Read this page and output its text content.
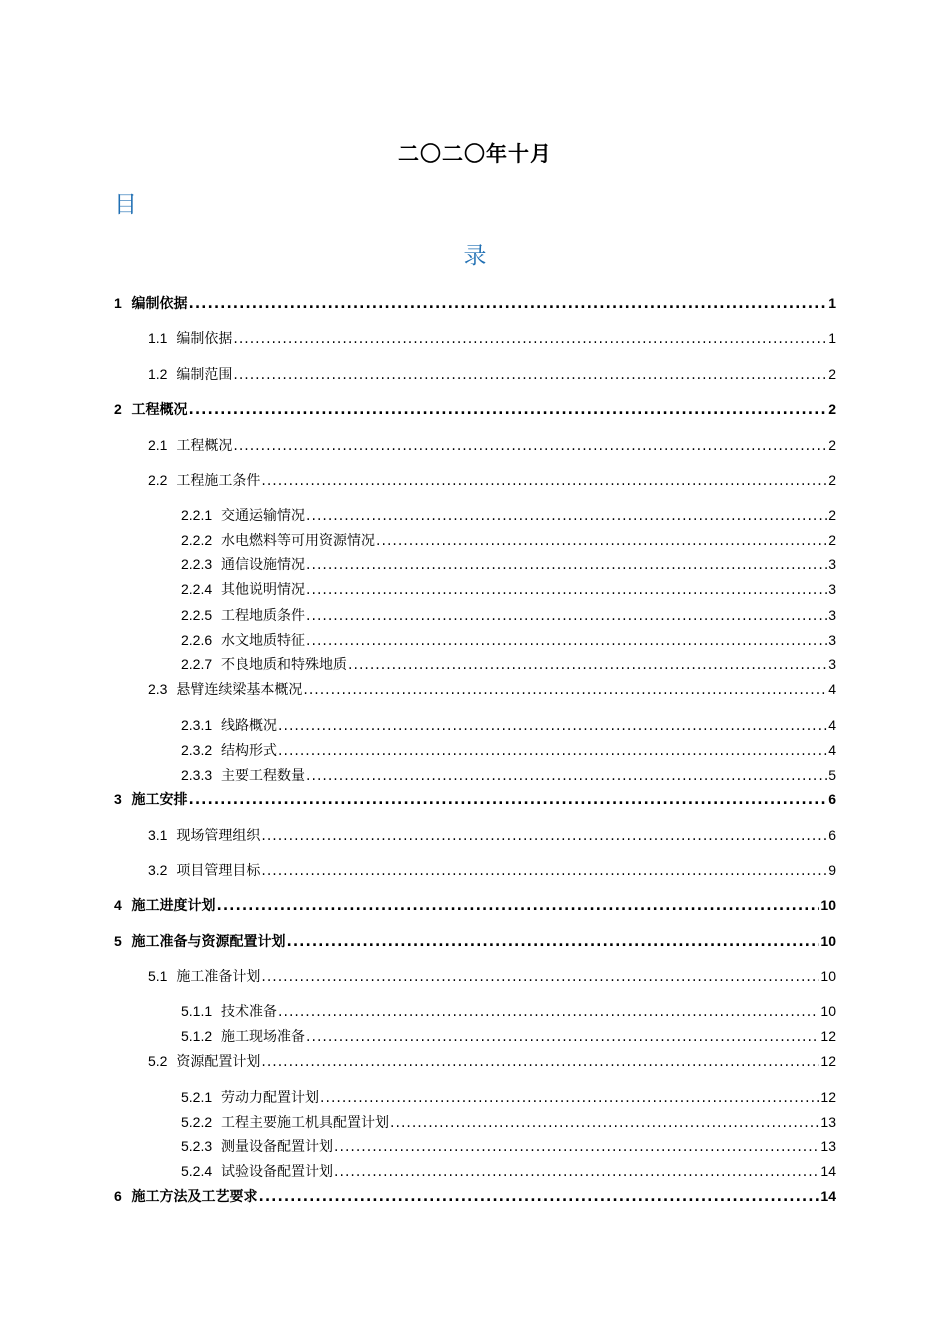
二〇二〇年十月
目
录
1 编制依据 .....	1
1.1 编制依据 .....	1
1.2 编制范围 .....	2
2 工程概况 .....	2
2.1 工程概况 .....	2
2.2 工程施工条件 .....	2
2.2.1 交通运输情况 .....	2
2.2.2 水电燃料等可用资源情况 .....	2
2.2.3 通信设施情况 .....	3
2.2.4 其他说明情况 .....	3
2.2.5 工程地质条件 .....	3
2.2.6 水文地质特征 .....	3
2.2.7 不良地质和特殊地质 .....	3
2.3 悬臂连续梁基本概况 .....	4
2.3.1 线路概况 .....	4
2.3.2 结构形式 .....	4
2.3.3 主要工程数量 .....	5
3 施工安排 .....	6
3.1 现场管理组织 .....	6
3.2 项目管理目标 .....	9
4 施工进度计划 .....	10
5 施工准备与资源配置计划 .....	10
5.1 施工准备计划 .....	10
5.1.1 技术准备 .....	10
5.1.2 施工现场准备 .....	12
5.2 资源配置计划 .....	12
5.2.1 劳动力配置计划 .....	12
5.2.2 工程主要施工机具配置计划 .....	13
5.2.3 测量设备配置计划 .....	13
5.2.4 试验设备配置计划 .....	14
6 施工方法及工艺要求 .....	14
